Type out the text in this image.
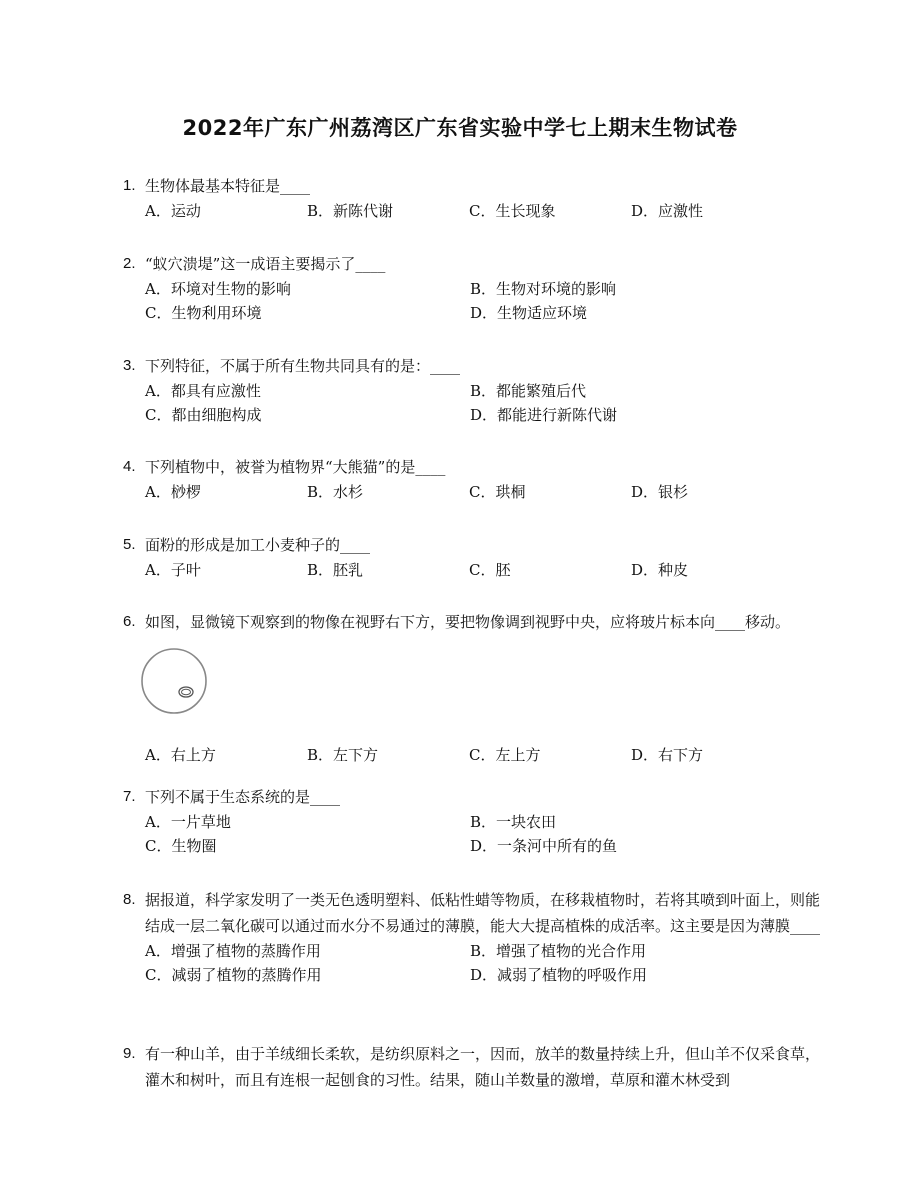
2022年广东广州荔湾区广东省实验中学七上期末生物试卷
1. 生物体最基本特征是____
A．运动	B．新陈代谢	C．生长现象	D．应激性
2. “蚁穴溃堤”这一成语主要揭示了____
A．环境对生物的影响	B．生物对环境的影响
C．生物利用环境	D．生物适应环境
3. 下列特征，不属于所有生物共同具有的是：____
A．都具有应激性	B．都能繁殖后代
C．都由细胞构成	D．都能进行新陈代谢
4. 下列植物中，被誉为植物界“大熊猫”的是____
A．桫椤	B．水杉	C．珙桐	D．银杉
5. 面粉的形成是加工小麦种子的____
A．子叶	B．胚乳	C．胚	D．种皮
6. 如图，显微镜下观察到的物像在视野右下方，要把物像调到视野中央，应将玻片标本向____移动。
A．右上方	B．左下方	C．左上方	D．右下方
7. 下列不属于生态系统的是____
A．一片草地	B．一块农田
C．生物圈	D．一条河中所有的鱼
8. 据报道，科学家发明了一类无色透明塑料、低粘性蜡等物质，在移栽植物时，若将其喷到叶面上，则能结成一层二氧化碳可以通过而水分不易通过的薄膜，能大大提高植株的成活率。这主要是因为薄膜____
A．增强了植物的蒸腾作用	B．增强了植物的光合作用
C．减弱了植物的蒸腾作用	D．减弱了植物的呼吸作用
9. 有一种山羊，由于羊绒细长柔软，是纺织原料之一，因而，放羊的数量持续上升，但山羊不仅采食草，灌木和树叶，而且有连根一起刨食的习性。结果，随山羊数量的激增，草原和灌木林受到
